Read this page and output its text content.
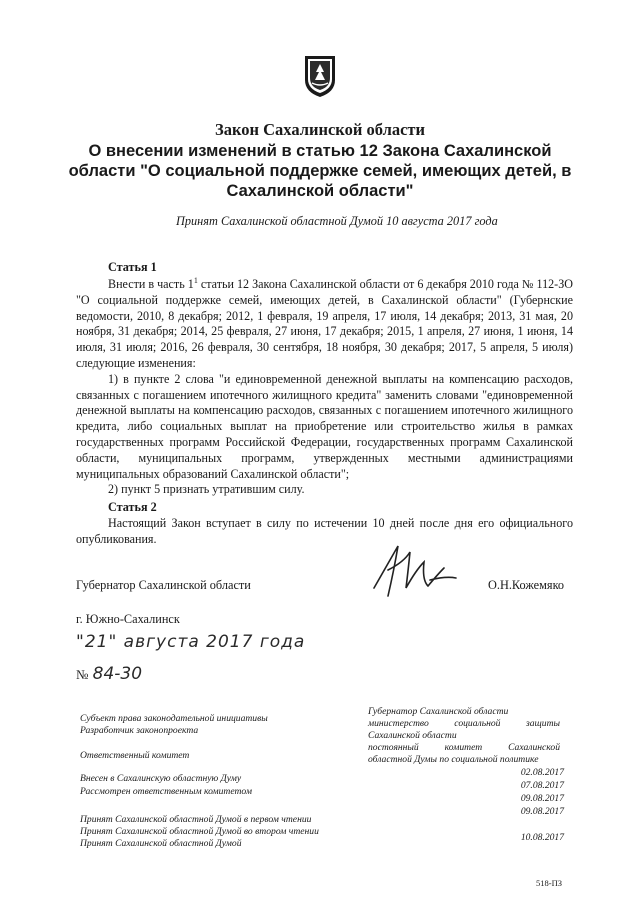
Закон Сахалинской области
О внесении изменений в статью 12 Закона Сахалинской области "О социальной поддержке семей, имеющих детей, в Сахалинской области"
Принят Сахалинской областной Думой 10 августа 2017 года
Статья 1

Внести в часть $1^1$ статьи 12 Закона Сахалинской области от 6 декабря 2010 года № 112-ЗО "О социальной поддержке семей, имеющих детей, в Сахалинской области" (Губернские ведомости, 2010, 8 декабря; 2012, 1 февраля, 19 апреля, 17 июля, 14 декабря; 2013, 31 мая, 20 ноября, 31 декабря; 2014, 25 февраля, 27 июня, 17 декабря; 2015, 1 апреля, 27 июня, 1 июня, 14 июля, 31 июля; 2016, 26 февраля, 30 сентября, 18 ноября, 30 декабря; 2017, 5 апреля, 5 июля) следующие изменения:

1) в пункте 2 слова "и единовременной денежной выплаты на компенсацию расходов, связанных с погашением ипотечного жилищного кредита" заменить словами "единовременной денежной выплаты на компенсацию расходов, связанных с погашением ипотечного жилищного кредита, либо социальных выплат на приобретение или строительство жилья в рамках государственных программ Российской Федерации, государственных программ Сахалинской области, муниципальных программ, утвержденных местными администрациями муниципальных образований Сахалинской области";

2) пункт 5 признать утратившим силу.

Статья 2

Настоящий Закон вступает в силу по истечении 10 дней после дня его официального опубликования.

Губернатор Сахалинской области	О.Н.Кожемяко
г. Южно-Сахалинск
"21" августа 2017 года
№ 84-30
Субъект права законодательной инициативы
Разработчик законопроекта
Ответственный комитет
Внесен в Сахалинскую областную Думу
Рассмотрен ответственным комитетом
Принят Сахалинской областной Думой в первом чтении
Принят Сахалинской областной Думой во втором чтении
Принят Сахалинской областной Думой
Губернатор Сахалинской области
министерство социальной защиты
Сахалинской области
постоянный комитет Сахалинской
областной Думы по социальной политике
02.08.2017
07.08.2017
09.08.2017
09.08.2017
10.08.2017
518-ПЗ
